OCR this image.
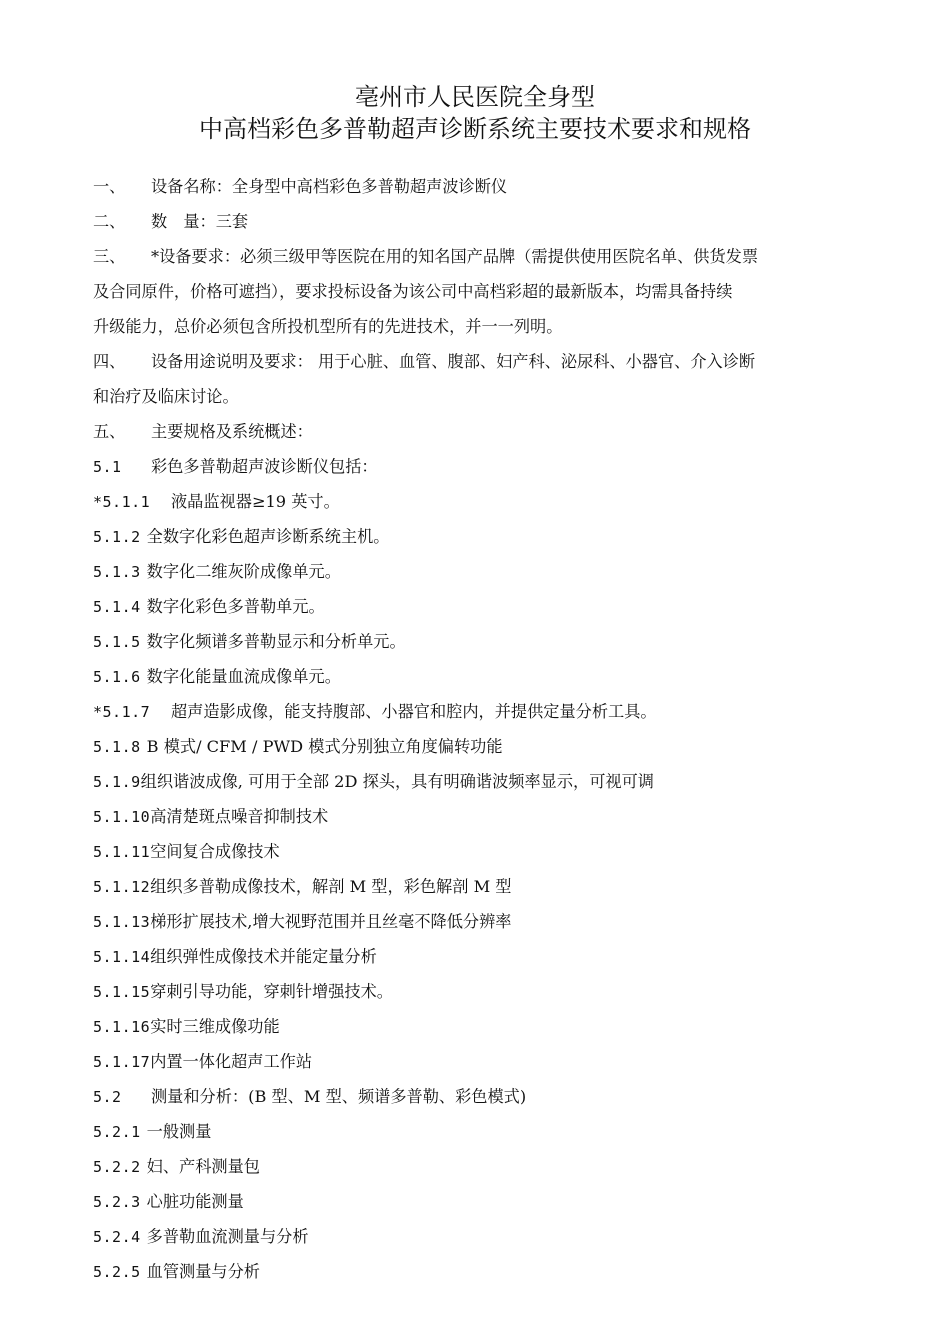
亳州市人民医院全身型
中高档彩色多普勒超声诊断系统主要技术要求和规格
一、 设备名称：全身型中高档彩色多普勒超声波诊断仪
二、 数　量：三套
三、 *设备要求：必须三级甲等医院在用的知名国产品牌（需提供使用医院名单、供货发票
及合同原件，价格可遮挡），要求投标设备为该公司中高档彩超的最新版本，均需具备持续
升级能力，总价必须包含所投机型所有的先进技术，并一一列明。
四、 设备用途说明及要求： 用于心脏、血管、腹部、妇产科、泌尿科、小器官、介入诊断
和治疗及临床讨论。
五、 主要规格及系统概述：
5.1 彩色多普勒超声波诊断仪包括：
*5.1.1 液晶监视器≥19 英寸。
5.1.2 全数字化彩色超声诊断系统主机。
5.1.3 数字化二维灰阶成像单元。
5.1.4 数字化彩色多普勒单元。
5.1.5 数字化频谱多普勒显示和分析单元。
5.1.6 数字化能量血流成像单元。
*5.1.7 超声造影成像，能支持腹部、小器官和腔内，并提供定量分析工具。
5.1.8 B 模式/ CFM / PWD 模式分别独立角度偏转功能
5.1.9组织谐波成像, 可用于全部 2D 探头，具有明确谐波频率显示，可视可调
5.1.10高清楚斑点噪音抑制技术
5.1.11空间复合成像技术
5.1.12组织多普勒成像技术，解剖 M 型，彩色解剖 M 型
5.1.13梯形扩展技术,增大视野范围并且丝毫不降低分辨率
5.1.14组织弹性成像技术并能定量分析
5.1.15穿刺引导功能，穿刺针增强技术。
5.1.16实时三维成像功能
5.1.17内置一体化超声工作站
5.2 测量和分析：(B 型、M 型、频谱多普勒、彩色模式)
5.2.1 一般测量
5.2.2 妇、产科测量包
5.2.3 心脏功能测量
5.2.4 多普勒血流测量与分析
5.2.5 血管测量与分析
